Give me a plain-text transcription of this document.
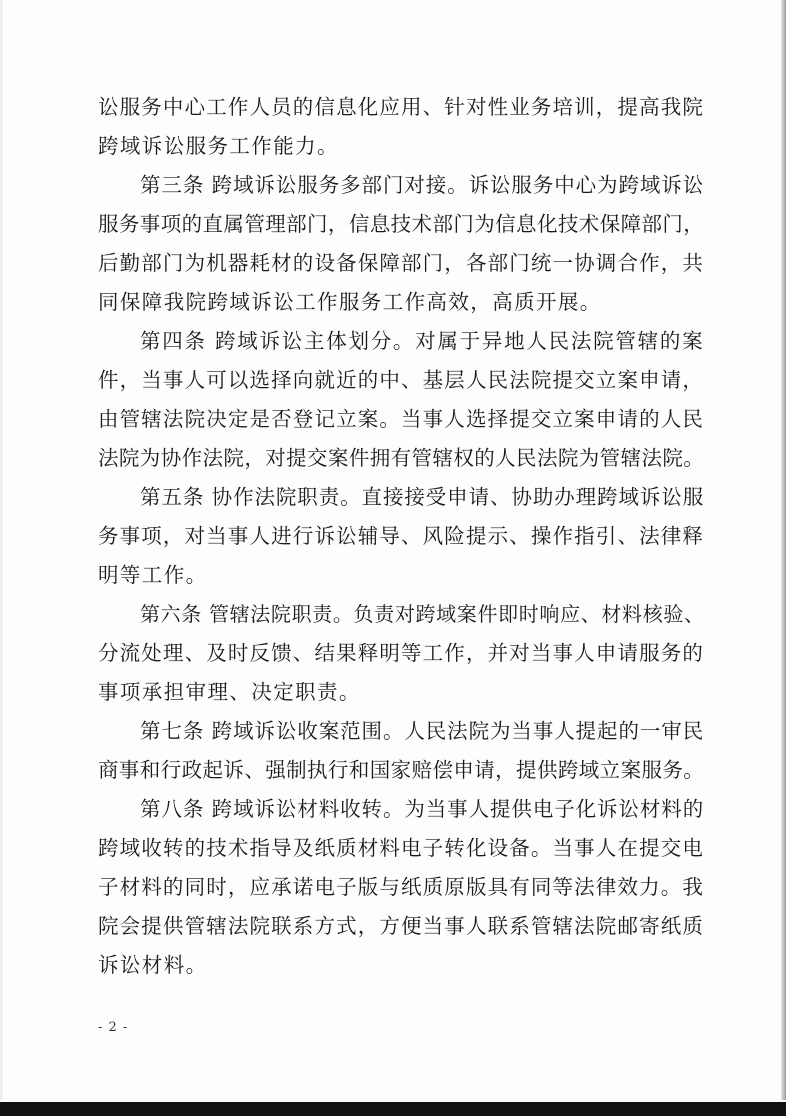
讼服务中心工作人员的信息化应用、针对性业务培训，提高我院
跨域诉讼服务工作能力。
第三条 跨域诉讼服务多部门对接。诉讼服务中心为跨域诉讼
服务事项的直属管理部门，信息技术部门为信息化技术保障部门，
后勤部门为机器耗材的设备保障部门，各部门统一协调合作，共
同保障我院跨域诉讼工作服务工作高效，高质开展。
第四条 跨域诉讼主体划分。对属于异地人民法院管辖的案
件，当事人可以选择向就近的中、基层人民法院提交立案申请，
由管辖法院决定是否登记立案。当事人选择提交立案申请的人民
法院为协作法院，对提交案件拥有管辖权的人民法院为管辖法院。
第五条 协作法院职责。直接接受申请、协助办理跨域诉讼服
务事项，对当事人进行诉讼辅导、风险提示、操作指引、法律释
明等工作。
第六条 管辖法院职责。负责对跨域案件即时响应、材料核验、
分流处理、及时反馈、结果释明等工作，并对当事人申请服务的
事项承担审理、决定职责。
第七条 跨域诉讼收案范围。人民法院为当事人提起的一审民
商事和行政起诉、强制执行和国家赔偿申请，提供跨域立案服务。
第八条 跨域诉讼材料收转。为当事人提供电子化诉讼材料的
跨域收转的技术指导及纸质材料电子转化设备。当事人在提交电
子材料的同时，应承诺电子版与纸质原版具有同等法律效力。我
院会提供管辖法院联系方式，方便当事人联系管辖法院邮寄纸质
诉讼材料。
- 2 -
